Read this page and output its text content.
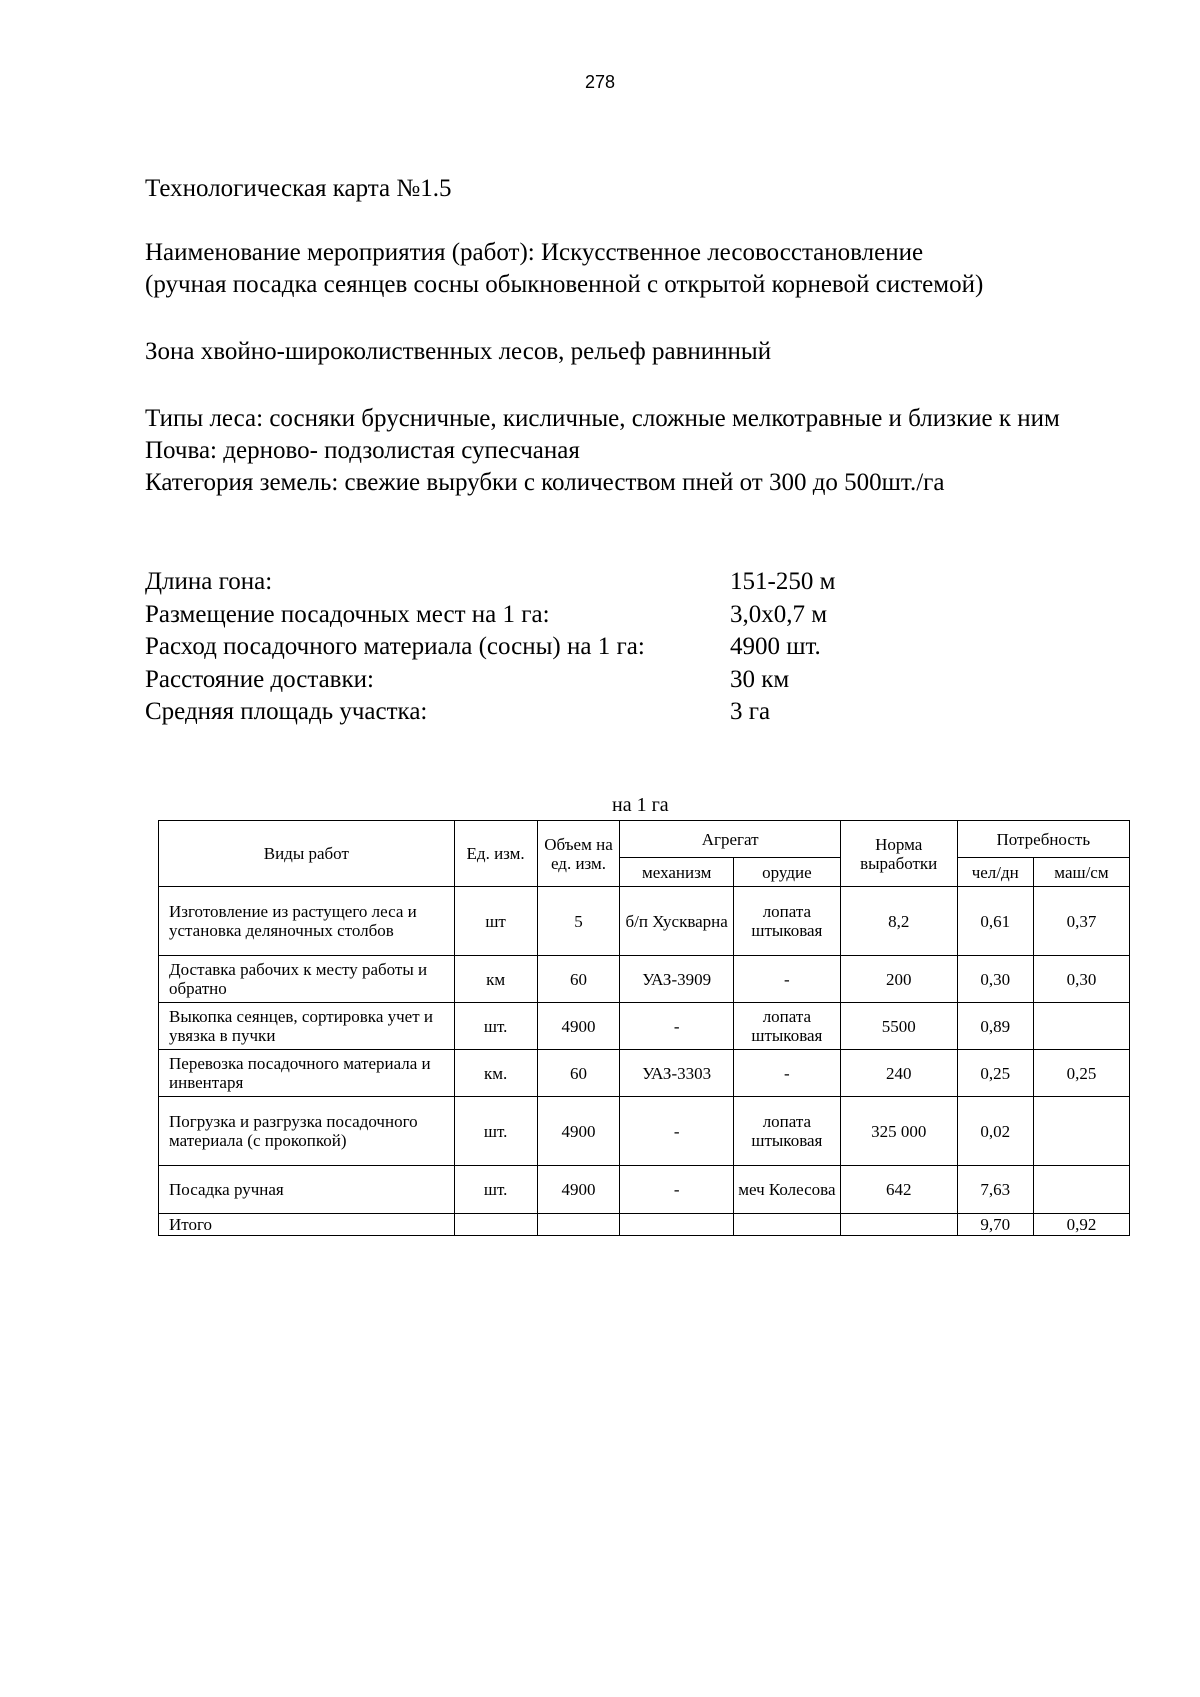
278
Технологическая карта №1.5
Наименование мероприятия (работ): Искусственное лесовосстановление
(ручная посадка сеянцев сосны обыкновенной с открытой корневой системой)
Зона хвойно-широколиственных лесов, рельеф равнинный
Типы леса: сосняки брусничные, кисличные, сложные мелкотравные и близкие к ним
Почва: дерново- подзолистая супесчаная
Категория земель: свежие вырубки с количеством пней от 300 до 500шт./га
Длина гона:	151-250 м
Размещение посадочных мест на 1 га:	3,0х0,7 м
Расход посадочного материала (сосны) на 1 га:	4900 шт.
Расстояние доставки:	30 км
Средняя площадь участка:	3 га
на 1 га
Виды работ	Ед. изм.	Объем на ед. изм.	Агрегат		Норма выработки	Потребность	
			механизм	орудие		чел/дн	маш/см
Изготовление из растущего леса и установка деляночных столбов	шт	5	б/п Хускварна	лопата штыковая	8,2	0,61	0,37
Доставка рабочих к месту работы и обратно	км	60	УАЗ-3909	-	200	0,30	0,30
Выкопка сеянцев, сортировка учет и увязка в пучки	шт.	4900	-	лопата штыковая	5500	0,89	
Перевозка посадочного материала и инвентаря	км.	60	УАЗ-3303	-	240	0,25	0,25
Погрузка и разгрузка посадочного материала (с прокопкой)	шт.	4900	-	лопата штыковая	325 000	0,02	
Посадка ручная	шт.	4900	-	меч Колесова	642	7,63	
Итого						9,70	0,92
